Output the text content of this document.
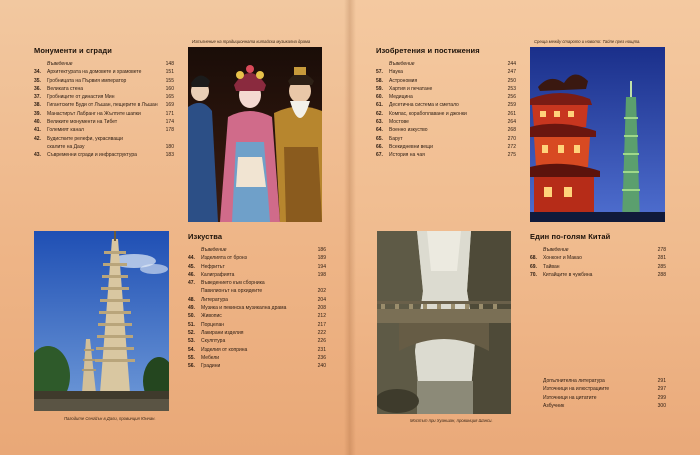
Монументи и сгради
Въведение	148
34.	Архитектурата на домовете и храмовете	151
35.	Гробницата на Първия император	155
36.	Великата стена	160
37.	Гробниците от династия Мин	165
38.	Гигантските Буди от Лъшан, пещерите в Лъшан	169
39.	Манастирът Лабранг на Жълтите шапки	171
40.	Великите монументи на Тибет	174
41.	Големият канал	178
42.	Будистките релефи, украсяващи
скалите на Дазу	180
43.	Съвременни сгради и инфраструктура	183
Изпълнение на традиционната китайска музикална драма
Пагодите Сенгйън в Дали, провинция Юннан.
Изкуства
Въведение	186
44.	Изделията от бронз	189
45.	Нефритът	194
46.	Калиграфията	198
47.	Въведението към сборника
Павилионът на орхидеите	202
48.	Литература	204
49.	Музика и пекинска музикална драма	208
50.	Живопис	212
51.	Порцелан	217
52.	Лакирани изделия	222
53.	Скулптура	226
54.	Изделия от коприна	231
55.	Мебели	236
56.	Градини	240
Изобретения и постижения
Въведение	244
57.	Наука	247
58.	Астрономия	250
59.	Хартия и печатане	253
60.	Медицина	256
61.	Десетична система и сметало	259
62.	Компас, корабоплаване и джонки	261
63.	Мостове	264
64.	Военно изкуство	268
65.	Барут	270
66.	Всекидневни вещи	272
67.	История на чая	275
Среща между старото и новото: Тайпе през нощта.
Мостът при Хуаншан, провинция Шанси.
Един по-голям Китай
Въведение	278
68.	Хонконг и Макао	281
69.	Тайван	285
70.	Китайците в чужбина	288
Допълнителна литература	291
Източници на илюстрациите	297
Източници на цитатите	299
Азбучник	300
